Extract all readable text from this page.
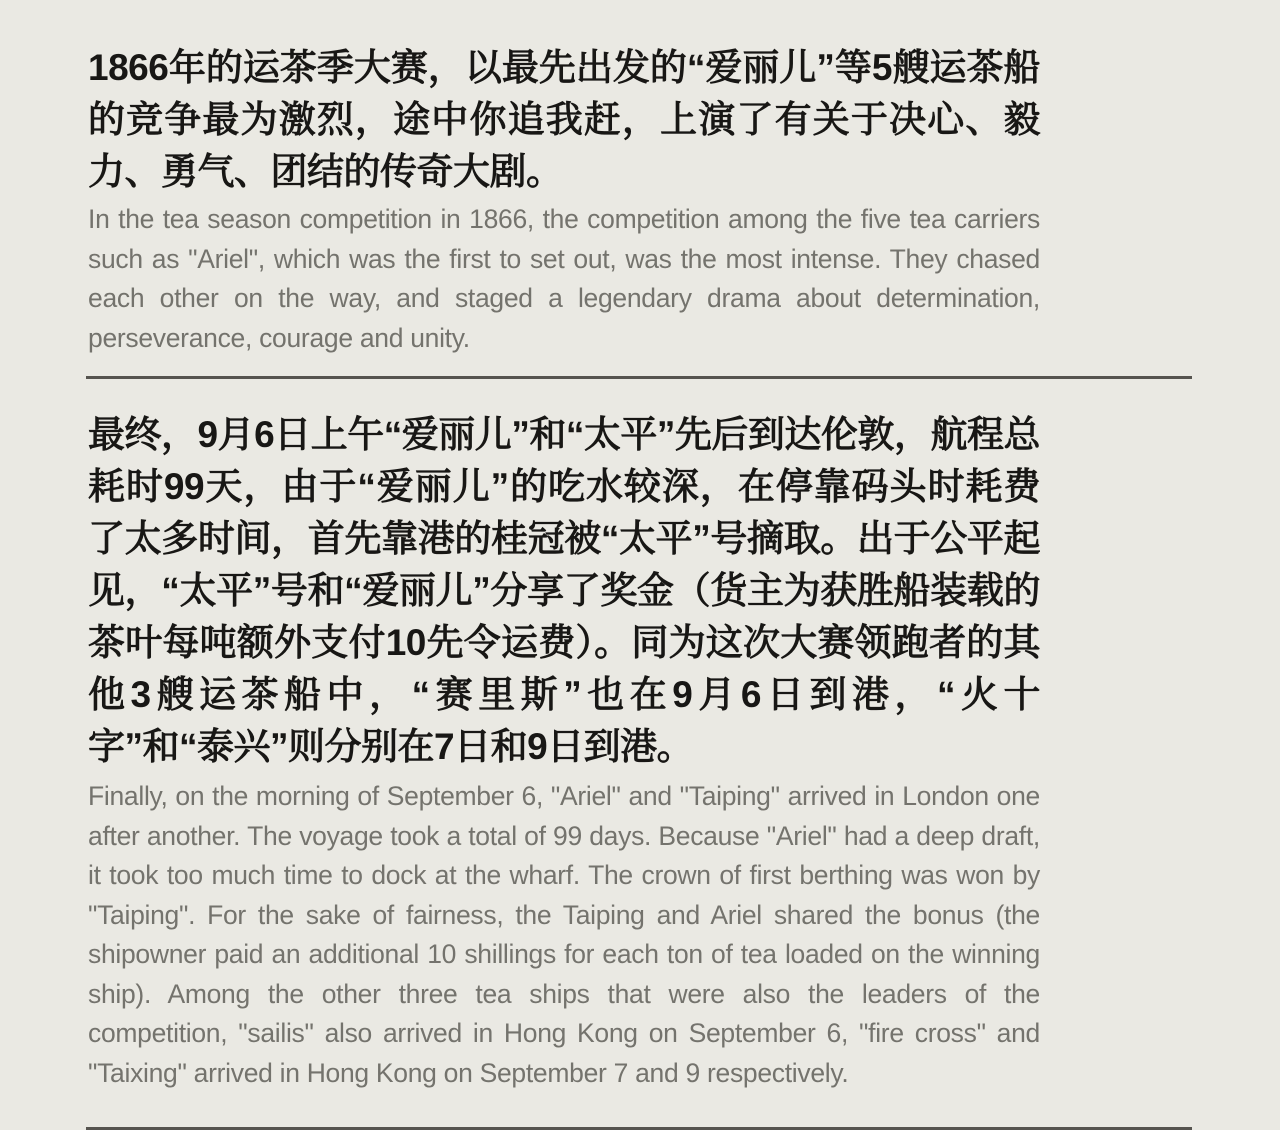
1866年的运茶季大赛，以最先出发的“爱丽儿”等5艘运茶船的竞争最为激烈，途中你追我赶，上演了有关于决心、毅力、勇气、团结的传奇大剧。

In the tea season competition in 1866, the competition among the five tea carriers such as "Ariel", which was the first to set out, was the most intense. They chased each other on the way, and staged a legendary drama about determination, perseverance, courage and unity.

最终，9月6日上午“爱丽儿”和“太平”先后到达伦敦，航程总耗时99天，由于“爱丽儿”的吃水较深，在停靠码头时耗费了太多时间，首先靠港的桂冠被“太平”号摘取。出于公平起见，“太平”号和“爱丽儿”分享了奖金（货主为获胜船装载的茶叶每吨额外支付10先令运费）。同为这次大赛领跑者的其他3艘运茶船中，“赛里斯”也在9月6日到港，“火十字”和“泰兴”则分别在7日和9日到港。

Finally, on the morning of September 6, "Ariel" and "Taiping" arrived in London one after another. The voyage took a total of 99 days. Because "Ariel" had a deep draft, it took too much time to dock at the wharf. The crown of first berthing was won by "Taiping". For the sake of fairness, the Taiping and Ariel shared the bonus (the shipowner paid an additional 10 shillings for each ton of tea loaded on the winning ship). Among the other three tea ships that were also the leaders of the competition, "sailis" also arrived in Hong Kong on September 6, "fire cross" and "Taixing" arrived in Hong Kong on September 7 and 9 respectively.
